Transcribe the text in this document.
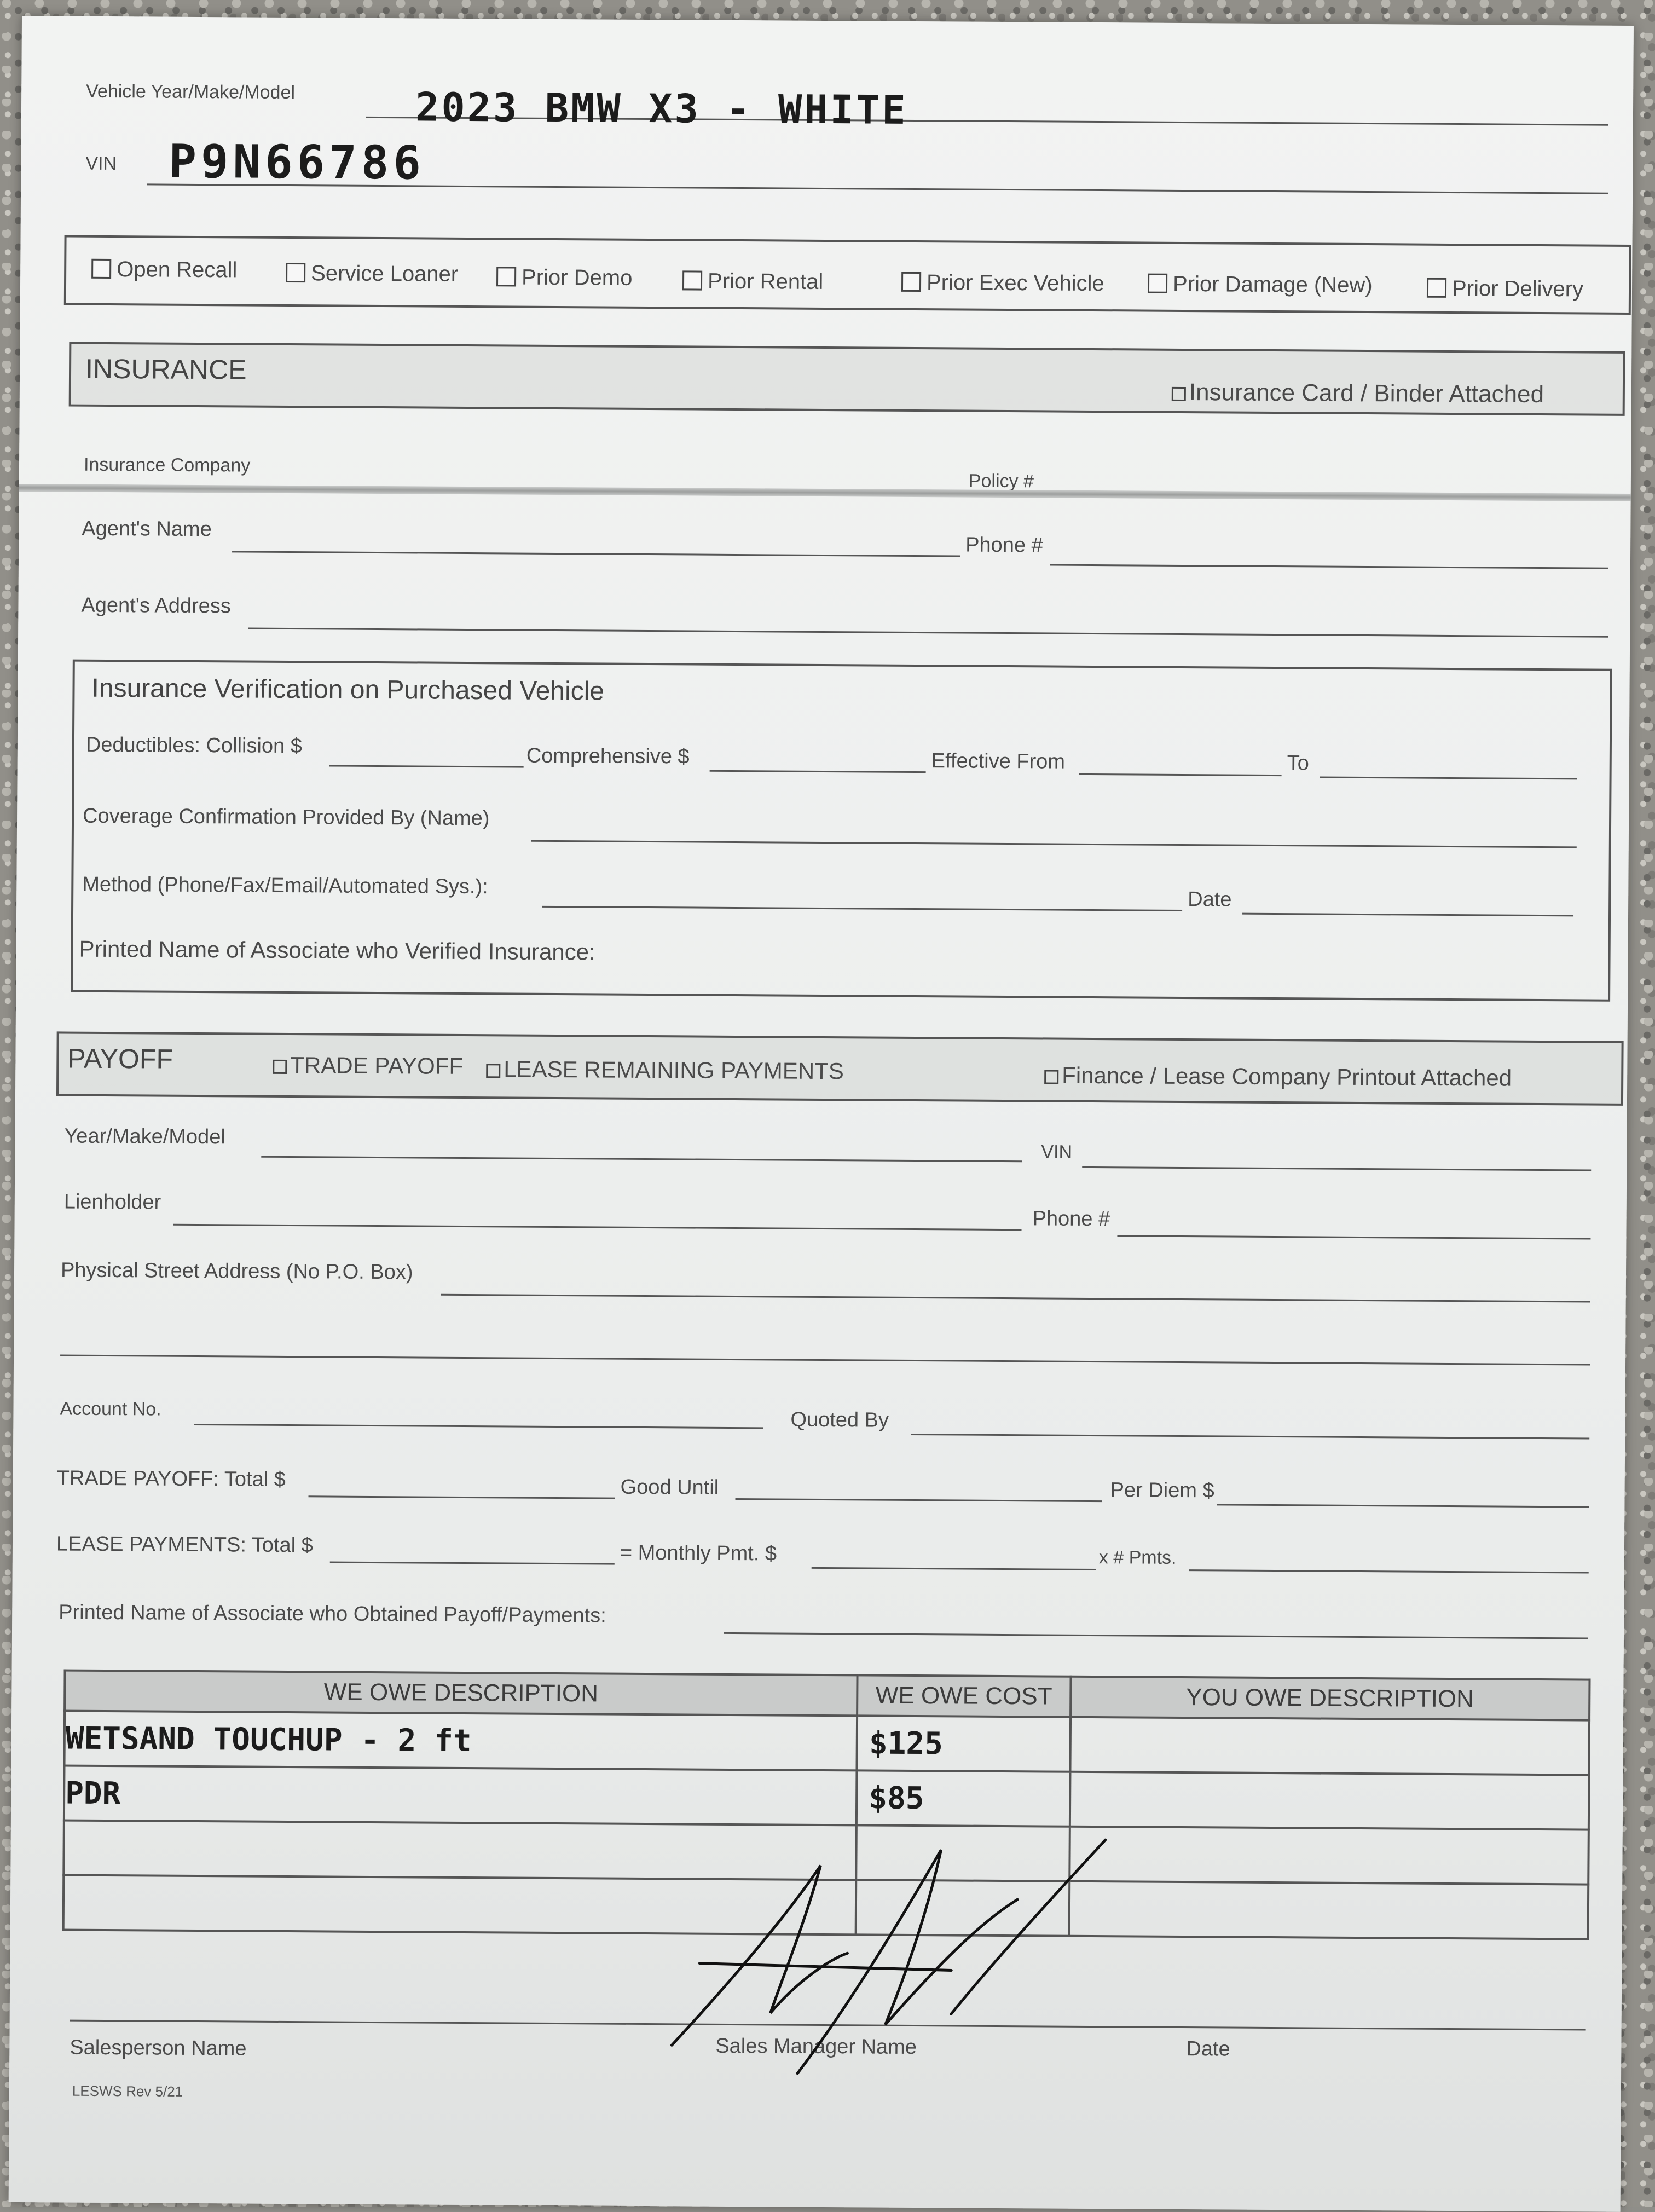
Vehicle Year/Make/Model	2023 BMW X3 - WHITE
VIN P9N66786
Open Recall	Service Loaner	Prior Demo	Prior Rental	Prior Exec Vehicle	Prior Damage (New)	Prior Delivery
INSURANCE
Insurance Card / Binder Attached
Insurance Company
Policy #
Agent's Name
Phone #
Agent's Address
Insurance Verification on Purchased Vehicle
Deductibles: Collision $	Comprehensive $	Effective From	To
Coverage Confirmation Provided By (Name)
Method (Phone/Fax/Email/Automated Sys.):
Date
Printed Name of Associate who Verified Insurance:
PAYOFF	TRADE PAYOFF	LEASE REMAINING PAYMENTS	Finance / Lease Company Printout Attached
Year/Make/Model
VIN
Lienholder
Phone #
Physical Street Address (No P.O. Box)
Account No.	Quoted By
TRADE PAYOFF: Total $	Good Until	Per Diem $
LEASE PAYMENTS: Total $	= Monthly Pmt. $	x # Pmts.
Printed Name of Associate who Obtained Payoff/Payments:
WE OWE DESCRIPTION	WE OWE COST	YOU OWE DESCRIPTION
WETSAND TOUCHUP - 2 ft	$125	
PDR	$85	

Salesperson Name	Sales Manager Name	Date
LESWS Rev 5/21
